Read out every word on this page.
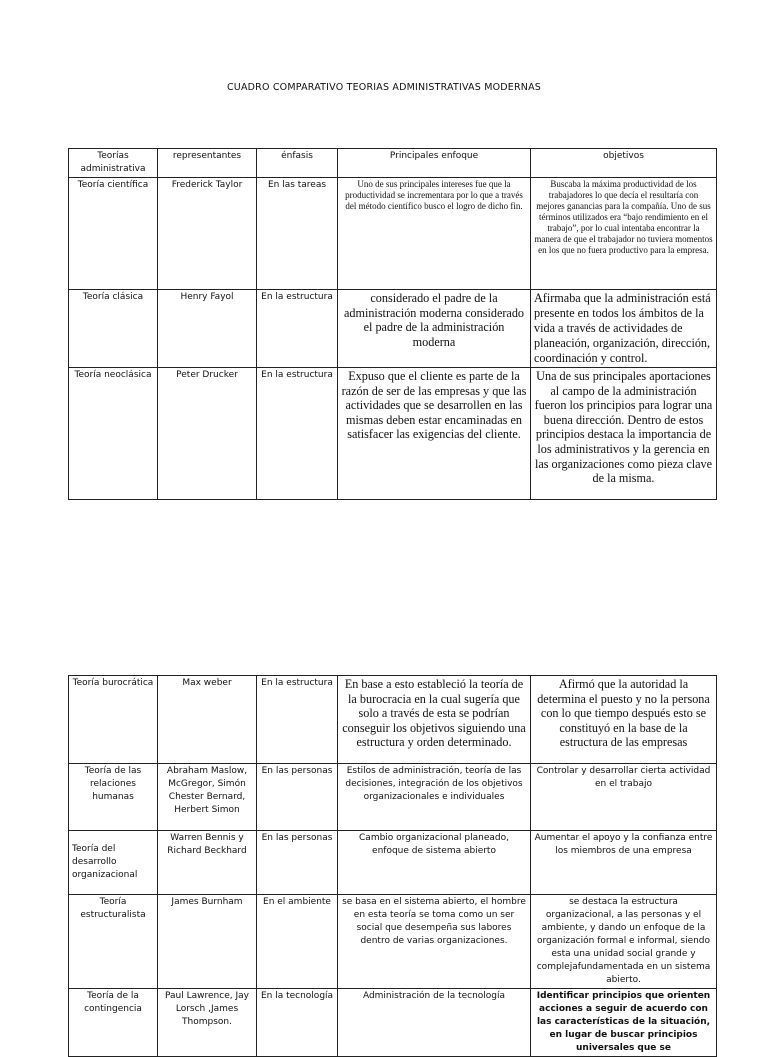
CUADRO COMPARATIVO TEORIAS ADMINISTRATIVAS MODERNAS
Teorías administrativa	representantes	énfasis	Principales enfoque	objetivos
Teoría científica	Frederick Taylor	En las tareas	Uno de sus principales intereses fue que la productividad se incrementara por lo que a través del método científico busco el logro de dicho fin.	Buscaba la máxima productividad de los trabajadores lo que decía el resultaría con mejores ganancias para la compañía. Uno de sus términos utilizados era “bajo rendimiento en el trabajo”, por lo cual intentaba encontrar la manera de que el trabajador no tuviera momentos en los que no fuera productivo para la empresa.
Teoría clásica	Henry Fayol	En la estructura	considerado el padre de la administración moderna considerado el padre de la administración moderna	Afirmaba que la administración está presente en todos los ámbitos de la vida a través de actividades de planeación, organización, dirección, coordinación y control.
Teoría neoclásica	Peter Drucker	En la estructura	Expuso que el cliente es parte de la razón de ser de las empresas y que las actividades que se desarrollen en las mismas deben estar encaminadas en satisfacer las exigencias del cliente.	Una de sus principales aportaciones al campo de la administración fueron los principios para lograr una buena dirección. Dentro de estos principios destaca la importancia de los administrativos y la gerencia en las organizaciones como pieza clave de la misma.
Teoría burocrática	Max weber	En la estructura	En base a esto estableció la teoría de la burocracia en la cual sugería que solo a través de esta se podrían conseguir los objetivos siguiendo una estructura y orden determinado.	Afirmó que la autoridad la determina el puesto y no la persona con lo que tiempo después esto se constituyó en la base de la estructura de las empresas
Teoría de las relaciones humanas	Abraham Maslow, McGregor, Simón Chester Bernard, Herbert Simon	En las personas	Estilos de administración, teoría de las decisiones, integración de los objetivos organizacionales e individuales	Controlar y desarrollar cierta actividad en el trabajo
Teoría del desarrollo organizacional	Warren Bennis y Richard Beckhard	En las personas	Cambio organizacional planeado, enfoque de sistema abierto	Aumentar el apoyo y la confianza entre los miembros de una empresa
Teoría estructuralista	James Burnham	En el ambiente	se basa en el sistema abierto, el hombre en esta teoría se toma como un ser social que desempeña sus labores dentro de varias organizaciones.	se destaca la estructura organizacional, a las personas y el ambiente, y dando un enfoque de la organización formal e informal, siendo esta una unidad social grande y complejafundamentada en un sistema abierto.
Teoría de la contingencia	Paul Lawrence, Jay Lorsch ,James Thompson.	En la tecnología	Administración de la tecnología	Identificar principios que orienten acciones a seguir de acuerdo con las características de la situación, en lugar de buscar principios universales que se
